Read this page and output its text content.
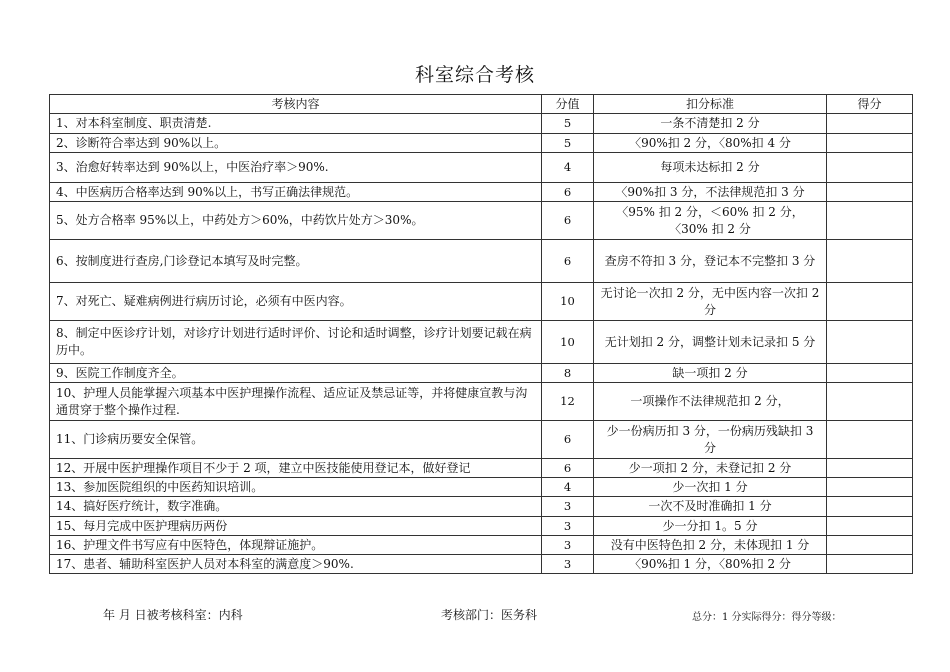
科室综合考核
考核内容	分值	扣分标准	得分
1、对本科室制度、职责清楚.	5	一条不清楚扣 2 分	
2、诊断符合率达到 90%以上。	5	〈90%扣 2 分，〈80%扣 4 分	
3、治愈好转率达到 90%以上，中医治疗率＞90%.	4	每项未达标扣 2 分	
4、中医病历合格率达到 90%以上，书写正确法律规范。	6	〈90%扣 3 分，不法律规范扣 3 分	
5、处方合格率 95%以上，中药处方＞60%，中药饮片处方＞30%。	6	〈95% 扣 2 分，＜60% 扣 2 分，〈30% 扣 2 分	
6、按制度进行查房,门诊登记本填写及时完整。	6	查房不符扣 3 分，登记本不完整扣 3 分	
7、对死亡、疑难病例进行病历讨论，必须有中医内容。	10	无讨论一次扣 2 分，无中医内容一次扣 2 分	
8、制定中医诊疗计划，对诊疗计划进行适时评价、讨论和适时调整，诊疗计划要记载在病历中。	10	无计划扣 2 分，调整计划未记录扣 5 分	
9、医院工作制度齐全。	8	缺一项扣 2 分	
10、护理人员能掌握六项基本中医护理操作流程、适应证及禁忌证等，并将健康宣教与沟通贯穿于整个操作过程.	12	一项操作不法律规范扣 2 分，	
11、门诊病历要安全保管。	6	少一份病历扣 3 分，一份病历残缺扣 3 分	
12、开展中医护理操作项目不少于 2 项，建立中医技能使用登记本，做好登记	6	少一项扣 2 分，未登记扣 2 分	
13、参加医院组织的中医药知识培训。	4	少一次扣 1 分	
14、搞好医疗统计，数字准确。	3	一次不及时准确扣 1 分	
15、每月完成中医护理病历两份	3	少一分扣 1。5 分	
16、护理文件书写应有中医特色，体现辩证施护。	3	没有中医特色扣 2 分，未体现扣 1 分	
17、患者、辅助科室医护人员对本科室的满意度＞90%.	3	〈90%扣 1 分，〈80%扣 2 分	
年 月 日被考核科室：内科	考核部门：医务科	总分：1 分实际得分：得分等级：
